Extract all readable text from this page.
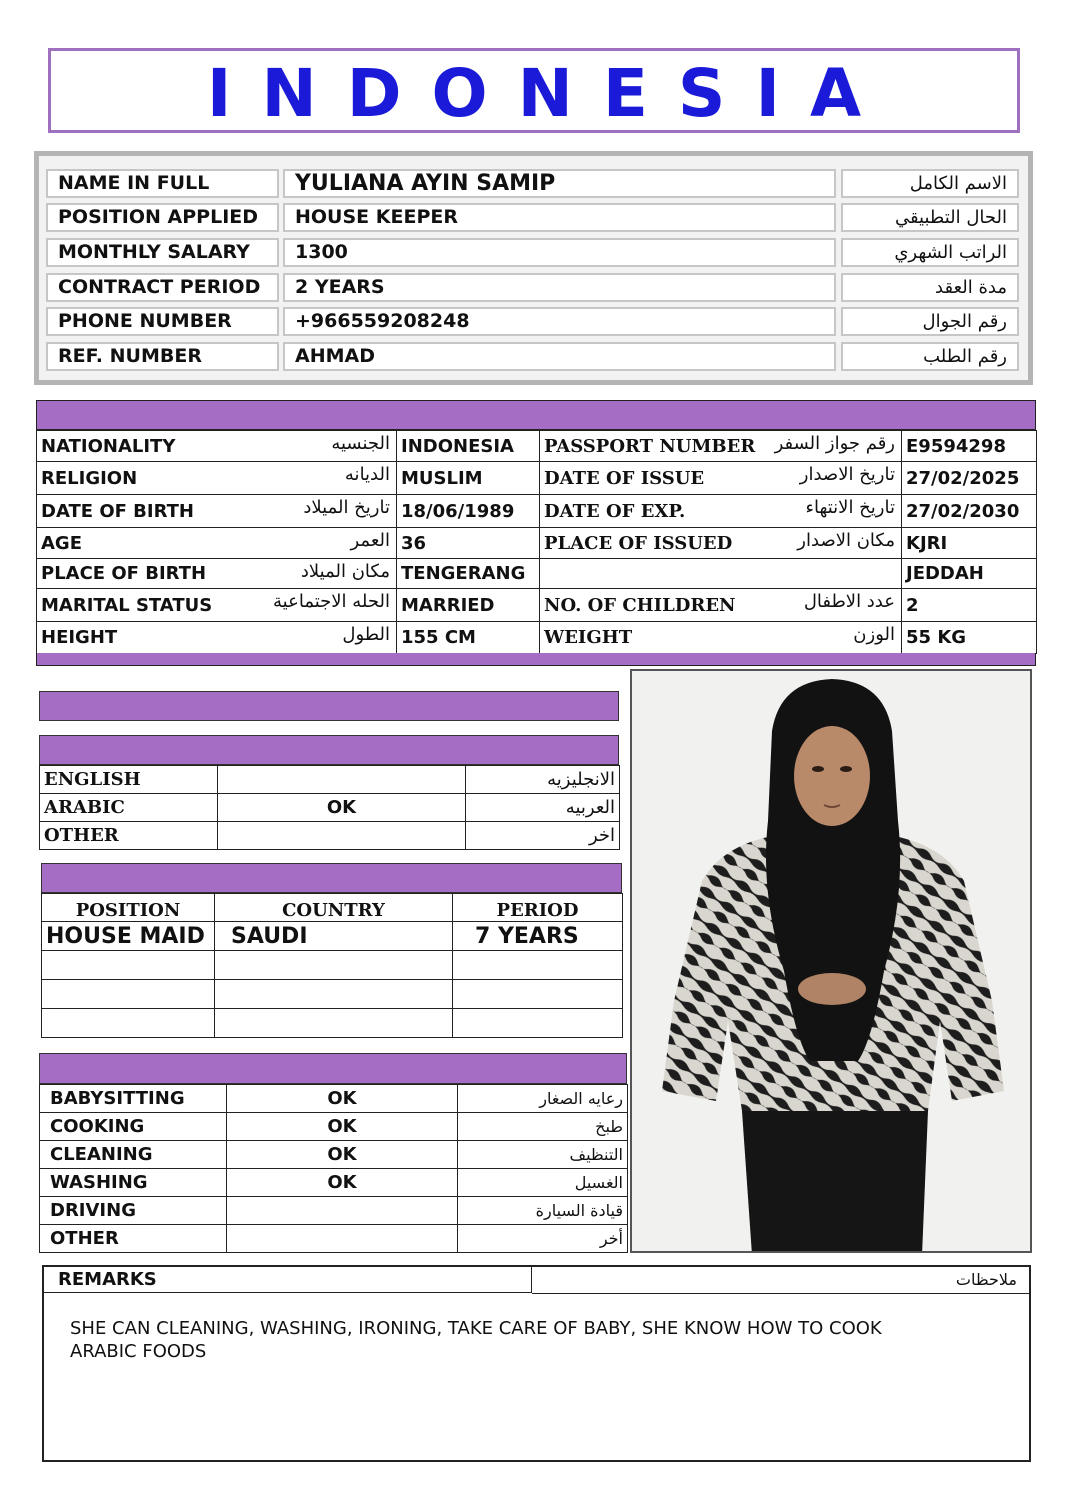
INDONESIA
NAME IN FULL	YULIANA AYIN SAMIP	الاسم الكامل
POSITION APPLIED	HOUSE KEEPER	الحال التطبيقي
MONTHLY SALARY	1300	الراتب الشهري
CONTRACT PERIOD	2 YEARS	مدة العقد
PHONE NUMBER	+966559208248	رقم الجوال
REF. NUMBER	AHMAD	رقم الطلب
NATIONALITY الجنسيه	INDONESIA	PASSPORT NUMBER رقم جواز السفر	E9594298
RELIGION الديانه	MUSLIM	DATE OF ISSUE تاريخ الاصدار	27/02/2025
DATE OF BIRTH تاريخ الميلاد	18/06/1989	DATE OF EXP. تاريخ الانتهاء	27/02/2030
AGE العمر	36	PLACE OF ISSUED مكان الاصدار	KJRI
PLACE OF BIRTH مكان الميلاد	TENGERANG		JEDDAH
MARITAL STATUS الحله الاجتماعية	MARRIED	NO. OF CHILDREN عدد الاطفال	2
HEIGHT الطول	155 CM	WEIGHT الوزن	55 KG
ENGLISH		الانجليزيه
ARABIC	OK	العربيه
OTHER		اخر
POSITION	COUNTRY	PERIOD
HOUSE MAID	SAUDI	7 YEARS

BABYSITTING	OK	رعايه الصغار
COOKING	OK	طبخ
CLEANING	OK	التنظيف
WASHING	OK	الغسيل
DRIVING		قيادة السيارة
OTHER		أخر
REMARKS	ملاحظات
SHE CAN CLEANING, WASHING, IRONING, TAKE CARE OF BABY, SHE KNOW HOW TO COOK ARABIC FOODS
